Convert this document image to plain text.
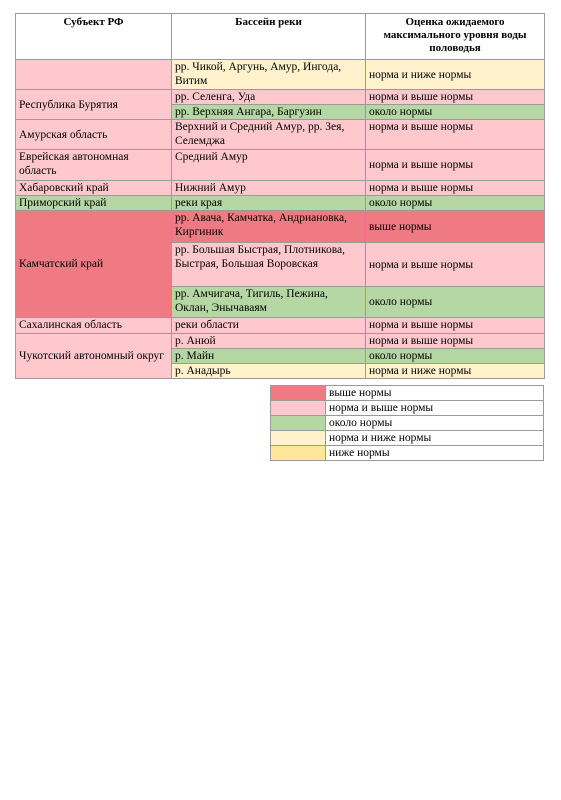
Субъект РФ	Бассейн реки	Оценка ожидаемого максимального уровня воды половодья
	рр. Чикой, Аргунь, Амур, Ингода, Витим	норма и ниже нормы
Республика Бурятия	рр. Селенга, Уда	норма и выше нормы
	рр. Верхняя Ангара, Баргузин	около нормы
Амурская область	Верхний и Средний Амур, рр. Зея, Селемджа	норма и выше нормы
Еврейская автономная область	Средний Амур	норма и выше нормы
Хабаровский край	Нижний Амур	норма и выше нормы
Приморский край	реки края	около нормы
Камчатский край	рр. Авача, Камчатка, Андриановка, Киргиник	выше нормы
	рр. Большая Быстрая, Плотникова, Быстрая, Большая Воровская	норма и выше нормы
	рр. Амчигача, Тигиль, Пежина, Оклан, Энычаваям	около нормы
Сахалинская область	реки области	норма и выше нормы
Чукотский автономный округ	р. Анюй	норма и выше нормы
	р. Майн	около нормы
	р. Анадырь	норма и ниже нормы
	выше нормы
	норма и выше нормы
	около нормы
	норма и ниже нормы
	ниже нормы
